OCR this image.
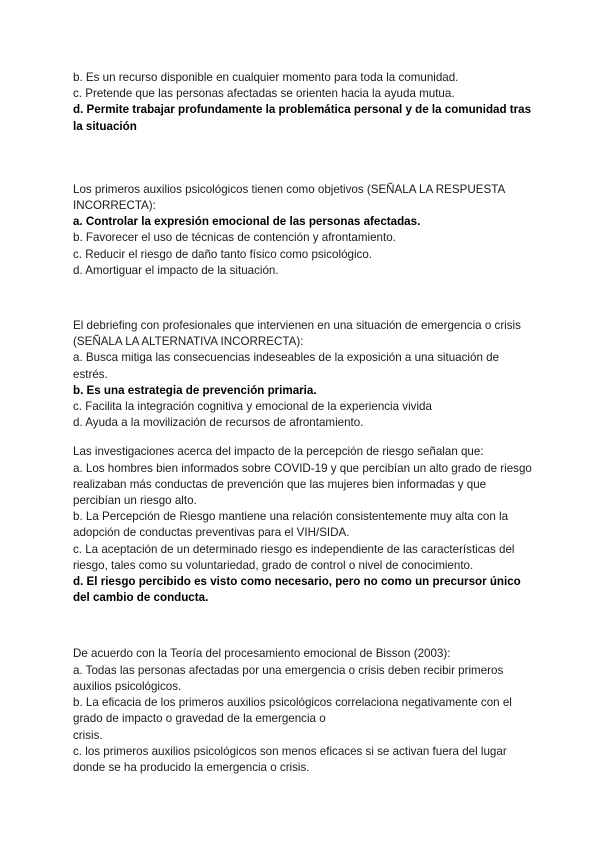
b. Es un recurso disponible en cualquier momento para toda la comunidad.
c. Pretende que las personas afectadas se orienten hacia la ayuda mutua.
d. Permite trabajar profundamente la problemática personal y de la comunidad tras la situación
Los primeros auxilios psicológicos tienen como objetivos (SEÑALA LA RESPUESTA INCORRECTA):
a. Controlar la expresión emocional de las personas afectadas.
b. Favorecer el uso de técnicas de contención y afrontamiento.
c. Reducir el riesgo de daño tanto físico como psicológico.
d. Amortiguar el impacto de la situación.
El debriefing con profesionales que intervienen en una situación de emergencia o crisis (SEÑALA LA ALTERNATIVA INCORRECTA):
a. Busca mitiga las consecuencias indeseables de la exposición a una situación de estrés.
b. Es una estrategia de prevención primaria.
c. Facilita la integración cognitiva y emocional de la experiencia vivida
d. Ayuda a la movilización de recursos de afrontamiento.
Las investigaciones acerca del impacto de la percepción de riesgo señalan que:
a. Los hombres bien informados sobre COVID-19 y que percibían un alto grado de riesgo realizaban más conductas de prevención que las mujeres bien informadas y que percibían un riesgo alto.
b. La Percepción de Riesgo mantiene una relación consistentemente muy alta con la adopción de conductas preventivas para el VIH/SIDA.
c. La aceptación de un determinado riesgo es independiente de las características del riesgo, tales como su voluntariedad, grado de control o nivel de conocimiento.
d. El riesgo percibido es visto como necesario, pero no como un precursor único del cambio de conducta.
De acuerdo con la Teoría del procesamiento emocional de Bisson (2003):
a. Todas las personas afectadas por una emergencia o crisis deben recibir primeros auxilios psicológicos.
b. La eficacia de los primeros auxilios psicológicos correlaciona negativamente con el grado de impacto o gravedad de la emergencia o
crisis.
c. los primeros auxilios psicológicos son menos eficaces si se activan fuera del lugar donde se ha producido la emergencia o crisis.
